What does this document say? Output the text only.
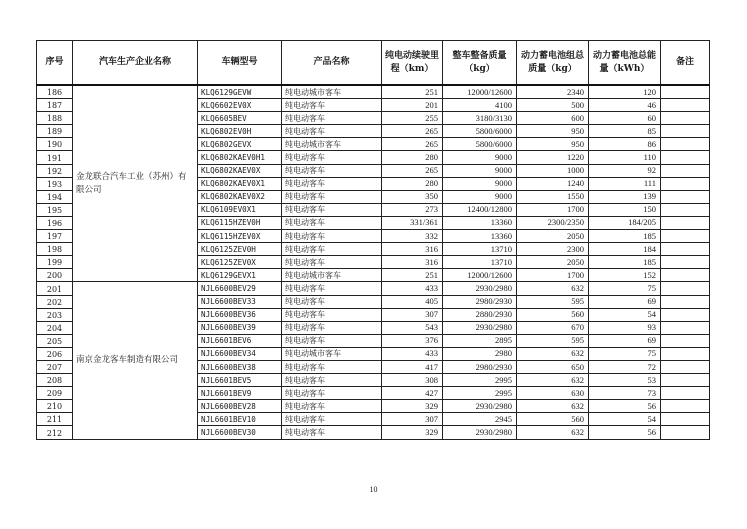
序号	汽车生产企业名称	车辆型号	产品名称	纯电动续驶里程（km）	整车整备质量（kg）	动力蓄电池组总质量（kg）	动力蓄电池总能量（kWh）	备注
186	金龙联合汽车工业（苏州）有限公司	KLQ6129GEVW	纯电动城市客车	251	12000/12600	2340	120	
187		KLQ6602EV0X	纯电动客车	201	4100	500	46	
188		KLQ6605BEV	纯电动客车	255	3180/3130	600	60	
189		KLQ6802EV0H	纯电动客车	265	5800/6000	950	85	
190		KLQ6802GEVX	纯电动城市客车	265	5800/6000	950	86	
191		KLQ6802KAEV0H1	纯电动客车	280	9000	1220	110	
192		KLQ6802KAEV0X	纯电动客车	265	9000	1000	92	
193		KLQ6802KAEV0X1	纯电动客车	280	9000	1240	111	
194		KLQ6802KAEV0X2	纯电动客车	350	9000	1550	139	
195		KLQ6109EV0X1	纯电动客车	273	12400/12800	1700	150	
196		KLQ6115HZEV0H	纯电动客车	331/361	13360	2300/2350	184/205	
197		KLQ6115HZEV0X	纯电动客车	332	13360	2050	185	
198		KLQ6125ZEV0H	纯电动客车	316	13710	2300	184	
199		KLQ6125ZEV0X	纯电动客车	316	13710	2050	185	
200		KLQ6129GEVX1	纯电动城市客车	251	12000/12600	1700	152	
201	南京金龙客车制造有限公司	NJL6600BEV29	纯电动客车	433	2930/2980	632	75	
202		NJL6600BEV33	纯电动客车	405	2980/2930	595	69	
203		NJL6600BEV36	纯电动客车	307	2880/2930	560	54	
204		NJL6600BEV39	纯电动客车	543	2930/2980	670	93	
205		NJL6601BEV6	纯电动客车	376	2895	595	69	
206		NJL6600BEV34	纯电动城市客车	433	2980	632	75	
207		NJL6600BEV38	纯电动客车	417	2980/2930	650	72	
208		NJL6601BEV5	纯电动客车	308	2995	632	53	
209		NJL6601BEV9	纯电动客车	427	2995	630	73	
210		NJL6600BEV28	纯电动客车	329	2930/2980	632	56	
211		NJL6601BEV10	纯电动客车	307	2945	560	54	
212		NJL6600BEV30	纯电动客车	329	2930/2980	632	56	
10
